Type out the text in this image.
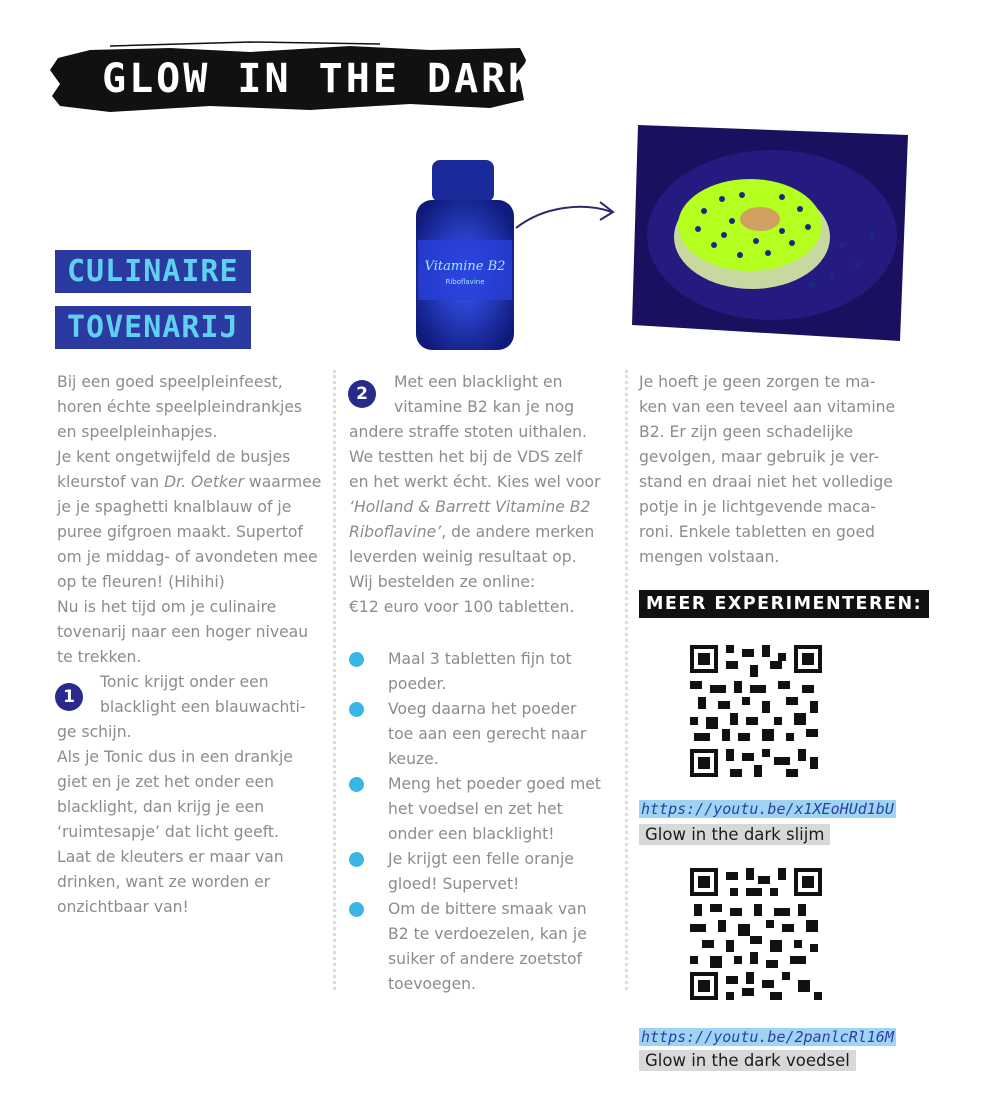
GLOW IN THE DARK
CULINAIRE
TOVENARIJ
Vitamine B2
Riboflavine
Bij een goed speelpleinfeest,
horen échte speelpleindrankjes
en speelpleinhapjes.
Je kent ongetwijfeld de busjes
kleurstof van Dr. Oetker waarmee
je je spaghetti knalblauw of je
puree gifgroen maakt. Supertof
om je middag- of avondeten mee
op te fleuren! (Hihihi)
Nu is het tijd om je culinaire
tovenarij naar een hoger niveau
te trekken.
Tonic krijgt onder een
blacklight een blauwachti-
ge schijn.
Als je Tonic dus in een drankje
giet en je zet het onder een
blacklight, dan krijg je een
‘ruimtesapje’ dat licht geeft.
Laat de kleuters er maar van
drinken, want ze worden er
onzichtbaar van!
1
2
Met een blacklight en
vitamine B2 kan je nog
andere straffe stoten uithalen.
We testten het bij de VDS zelf
en het werkt écht. Kies wel voor
‘Holland & Barrett Vitamine B2
Riboflavine’, de andere merken
leverden weinig resultaat op.
Wij bestelden ze online:
€12 euro voor 100 tabletten.
Maal 3 tabletten fijn tot
poeder.
Voeg daarna het poeder
toe aan een gerecht naar
keuze.
Meng het poeder goed met
het voedsel en zet het
onder een blacklight!
Je krijgt een felle oranje
gloed! Supervet!
Om de bittere smaak van
B2 te verdoezelen, kan je
suiker of andere zoetstof
toevoegen.
Je hoeft je geen zorgen te ma-
ken van een teveel aan vitamine
B2. Er zijn geen schadelijke
gevolgen, maar gebruik je ver-
stand en draai niet het volledige
potje in je lichtgevende maca-
roni. Enkele tabletten en goed
mengen volstaan.
MEER EXPERIMENTEREN:
https://youtu.be/x1XEoHUd1bU
Glow in the dark slijm
https://youtu.be/2panlcRl16M
Glow in the dark voedsel
